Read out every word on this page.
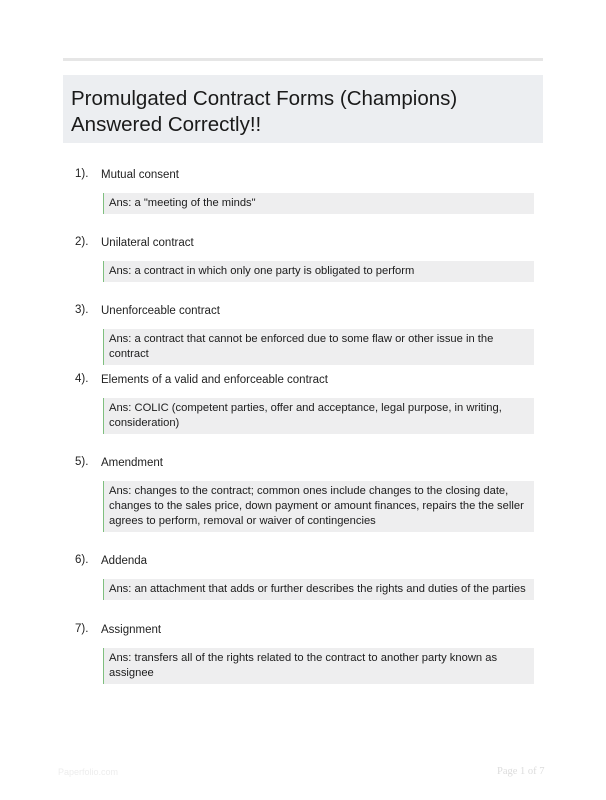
Promulgated Contract Forms (Champions)
Answered Correctly!!
1). Mutual consent
Ans: a "meeting of the minds"
2). Unilateral contract
Ans: a contract in which only one party is obligated to perform
3). Unenforceable contract
Ans: a contract that cannot be enforced due to some flaw or other issue in the contract
4). Elements of a valid and enforceable contract
Ans: COLIC (competent parties, offer and acceptance, legal purpose, in writing, consideration)
5). Amendment
Ans: changes to the contract; common ones include changes to the closing date, changes to the sales price, down payment or amount finances, repairs the the seller agrees to perform, removal or waiver of contingencies
6). Addenda
Ans: an attachment that adds or further describes the rights and duties of the parties
7). Assignment
Ans: transfers all of the rights related to the contract to another party known as assignee
Paperfolio.com	Page 1 of 7
